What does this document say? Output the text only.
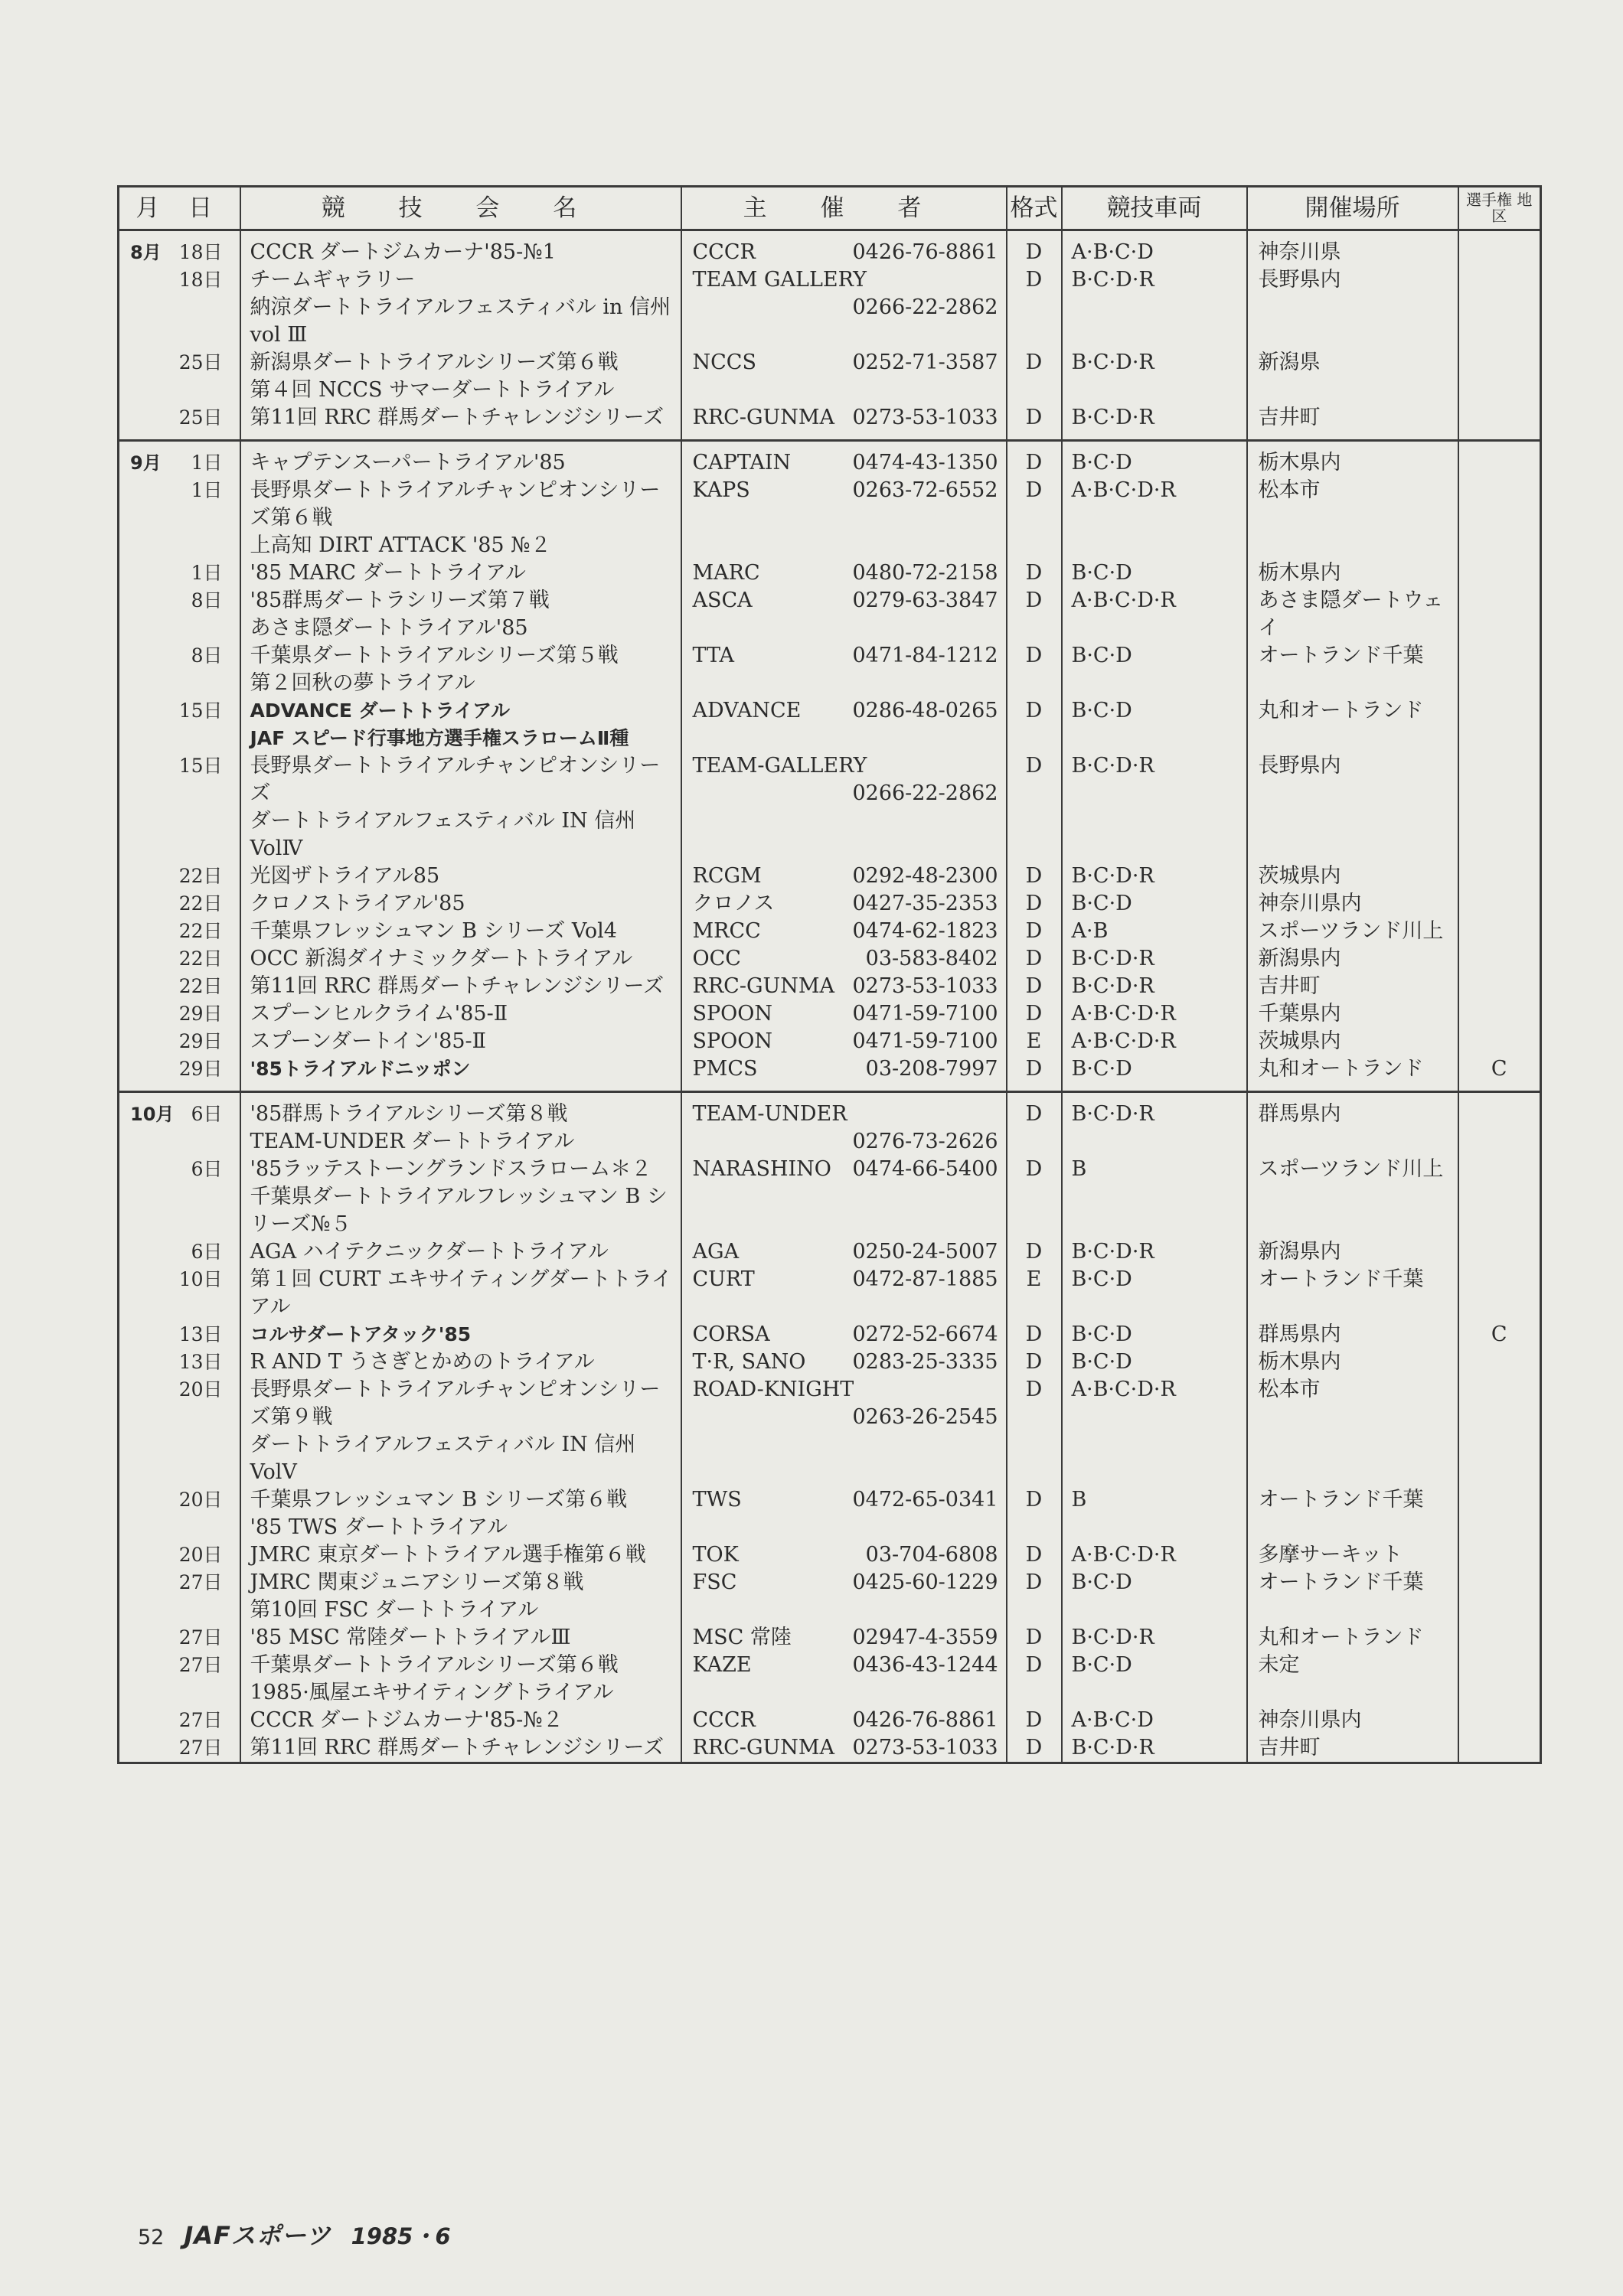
月 日	競 技 会 名	主 催 者	格式	競技車両	開催場所	選手権 地 区

8月 18日	CCCR ダートジムカーナ'85-№1	CCCR 0426-76-8861	D	A·B·C·D	神奈川県	

18日	チームギャラリー
納涼ダートトライアルフェスティバル in 信州 vol Ⅲ	TEAM GALLERY
0266-22-2862	D	B·C·D·R	長野県内	

25日	新潟県ダートトライアルシリーズ第６戦
第４回 NCCS サマーダートトライアル	NCCS 0252-71-3587	D	B·C·D·R	新潟県	

25日	第11回 RRC 群馬ダートチャレンジシリーズ	RRC-GUNMA 0273-53-1033	D	B·C·D·R	吉井町	

9月 1日	キャプテンスーパートライアル'85	CAPTAIN 0474-43-1350	D	B·C·D	栃木県内	

1日	長野県ダートトライアルチャンピオンシリーズ第６戦
上高知 DIRT ATTACK '85 №２	KAPS 0263-72-6552	D	A·B·C·D·R	松本市	

1日	'85 MARC ダートトライアル	MARC 0480-72-2158	D	B·C·D	栃木県内	

8日	'85群馬ダートラシリーズ第７戦
あさま隠ダートトライアル'85	ASCA 0279-63-3847	D	A·B·C·D·R	あさま隠ダートウェイ	

8日	千葉県ダートトライアルシリーズ第５戦
第２回秋の夢トライアル	TTA 0471-84-1212	D	B·C·D	オートランド千葉	

15日	ADVANCE ダートトライアル
JAF スピード行事地方選手権スラロームⅡ種	ADVANCE 0286-48-0265	D	B·C·D	丸和オートランド	

15日	長野県ダートトライアルチャンピオンシリーズ
ダートトライアルフェスティバル IN 信州 VolⅣ	TEAM-GALLERY
0266-22-2862	D	B·C·D·R	長野県内	

22日	光図ザトライアル85	RCGM 0292-48-2300	D	B·C·D·R	茨城県内	

22日	クロノストライアル'85	クロノス 0427-35-2353	D	B·C·D	神奈川県内	

22日	千葉県フレッシュマン B シリーズ Vol4	MRCC 0474-62-1823	D	A·B	スポーツランド川上	

22日	OCC 新潟ダイナミックダートトライアル	OCC 03-583-8402	D	B·C·D·R	新潟県内	

22日	第11回 RRC 群馬ダートチャレンジシリーズ	RRC-GUNMA 0273-53-1033	D	B·C·D·R	吉井町	

29日	スプーンヒルクライム'85-Ⅱ	SPOON 0471-59-7100	D	A·B·C·D·R	千葉県内	

29日	スプーンダートイン'85-Ⅱ	SPOON 0471-59-7100	E	A·B·C·D·R	茨城県内	

29日	'85トライアルドニッポン	PMCS 03-208-7997	D	B·C·D	丸和オートランド	C

10月 6日	'85群馬トライアルシリーズ第８戦
TEAM-UNDER ダートトライアル	TEAM-UNDER
0276-73-2626	D	B·C·D·R	群馬県内	

6日	'85ラッテストーングランドスラローム＊２
千葉県ダートトライアルフレッシュマン B シリーズ№５	NARASHINO 0474-66-5400	D	B	スポーツランド川上	

6日	AGA ハイテクニックダートトライアル	AGA 0250-24-5007	D	B·C·D·R	新潟県内	

10日	第１回 CURT エキサイティングダートトライアル	CURT 0472-87-1885	E	B·C·D	オートランド千葉	

13日	コルサダートアタック'85	CORSA 0272-52-6674	D	B·C·D	群馬県内	C

13日	R AND T うさぎとかめのトライアル	T·R, SANO 0283-25-3335	D	B·C·D	栃木県内	

20日	長野県ダートトライアルチャンピオンシリーズ第９戦
ダートトライアルフェスティバル IN 信州 VolⅤ	ROAD-KNIGHT
0263-26-2545	D	A·B·C·D·R	松本市	

20日	千葉県フレッシュマン B シリーズ第６戦
'85 TWS ダートトライアル	TWS 0472-65-0341	D	B	オートランド千葉	

20日	JMRC 東京ダートトライアル選手権第６戦	TOK 03-704-6808	D	A·B·C·D·R	多摩サーキット	

27日	JMRC 関東ジュニアシリーズ第８戦
第10回 FSC ダートトライアル	FSC 0425-60-1229	D	B·C·D	オートランド千葉	

27日	'85 MSC 常陸ダートトライアルⅢ	MSC 常陸 02947-4-3559	D	B·C·D·R	丸和オートランド	

27日	千葉県ダートトライアルシリーズ第６戦
1985·風屋エキサイティングトライアル	KAZE 0436-43-1244	D	B·C·D	未定	

27日	CCCR ダートジムカーナ'85-№２	CCCR 0426-76-8861	D	A·B·C·D	神奈川県内	

27日	第11回 RRC 群馬ダートチャレンジシリーズ	RRC-GUNMA 0273-53-1033	D	B·C·D·R	吉井町	
52 JAFスポーツ 1985・6
